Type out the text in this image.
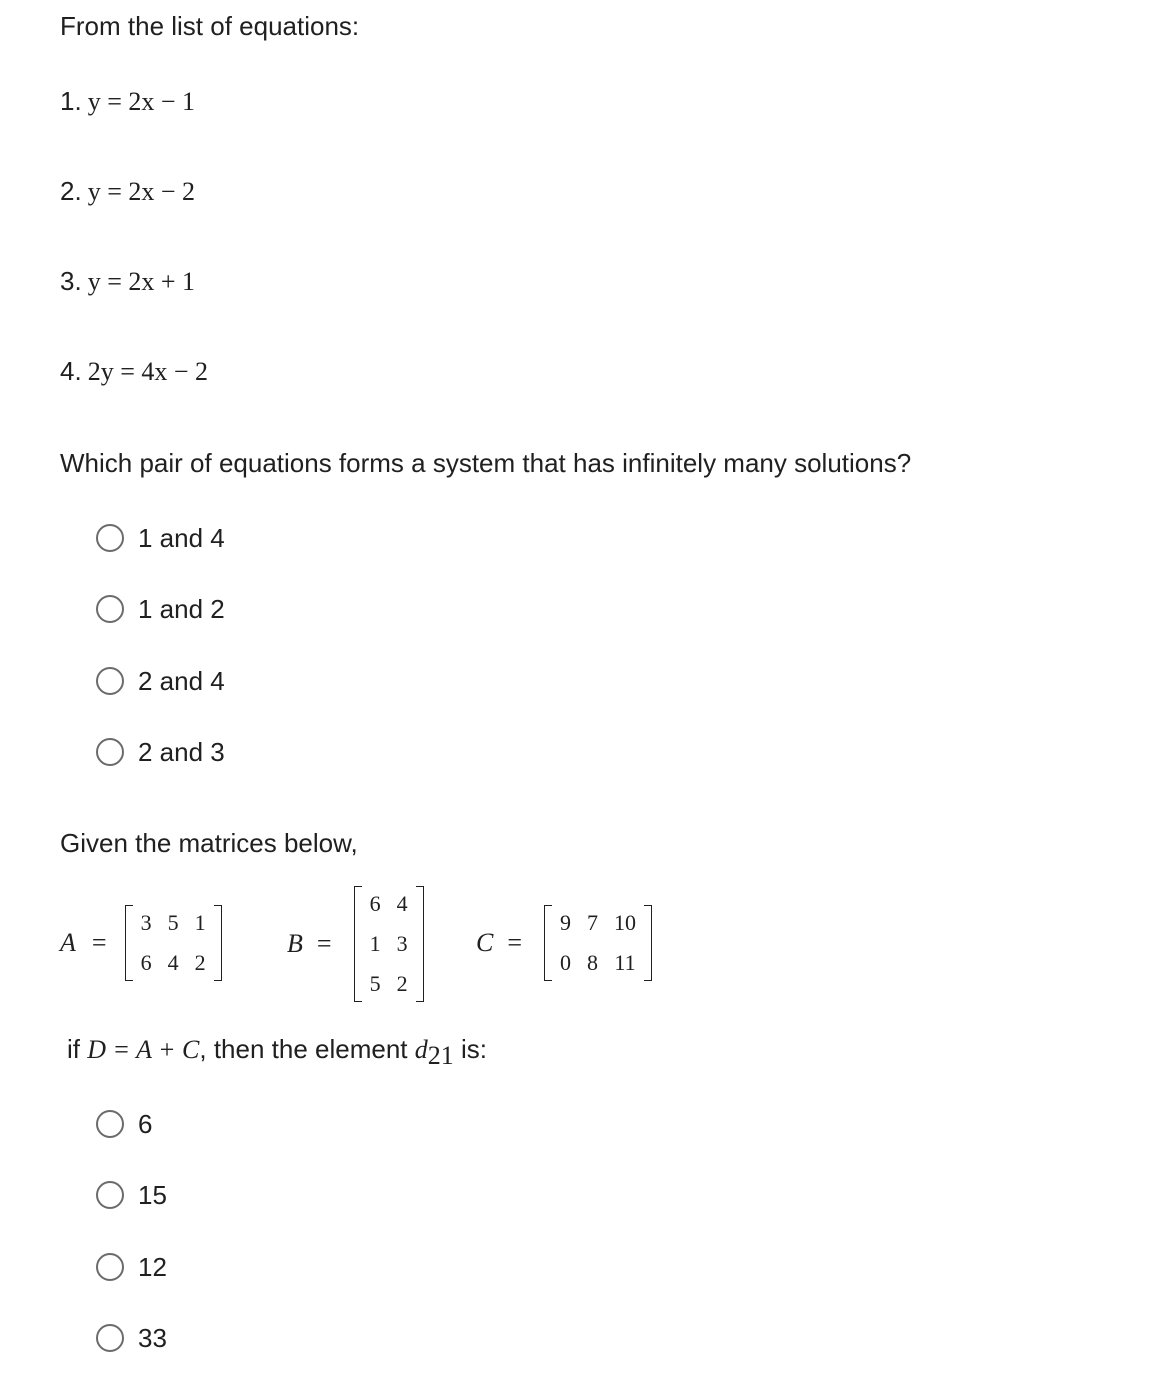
From the list of equations:
1. y = 2x − 1
2. y = 2x − 2
3. y = 2x + 1
4. 2y = 4x − 2
Which pair of equations forms a system that has infinitely many solutions?
1 and 4
1 and 2
2 and 4
2 and 3
Given the matrices below,
A =
3 5 1
6 4 2
B =
6 4
1 3
5 2
C =
9 7 10
0 8 11
if D = A + C, then the element $d_{21}$ is:
6
15
12
33
